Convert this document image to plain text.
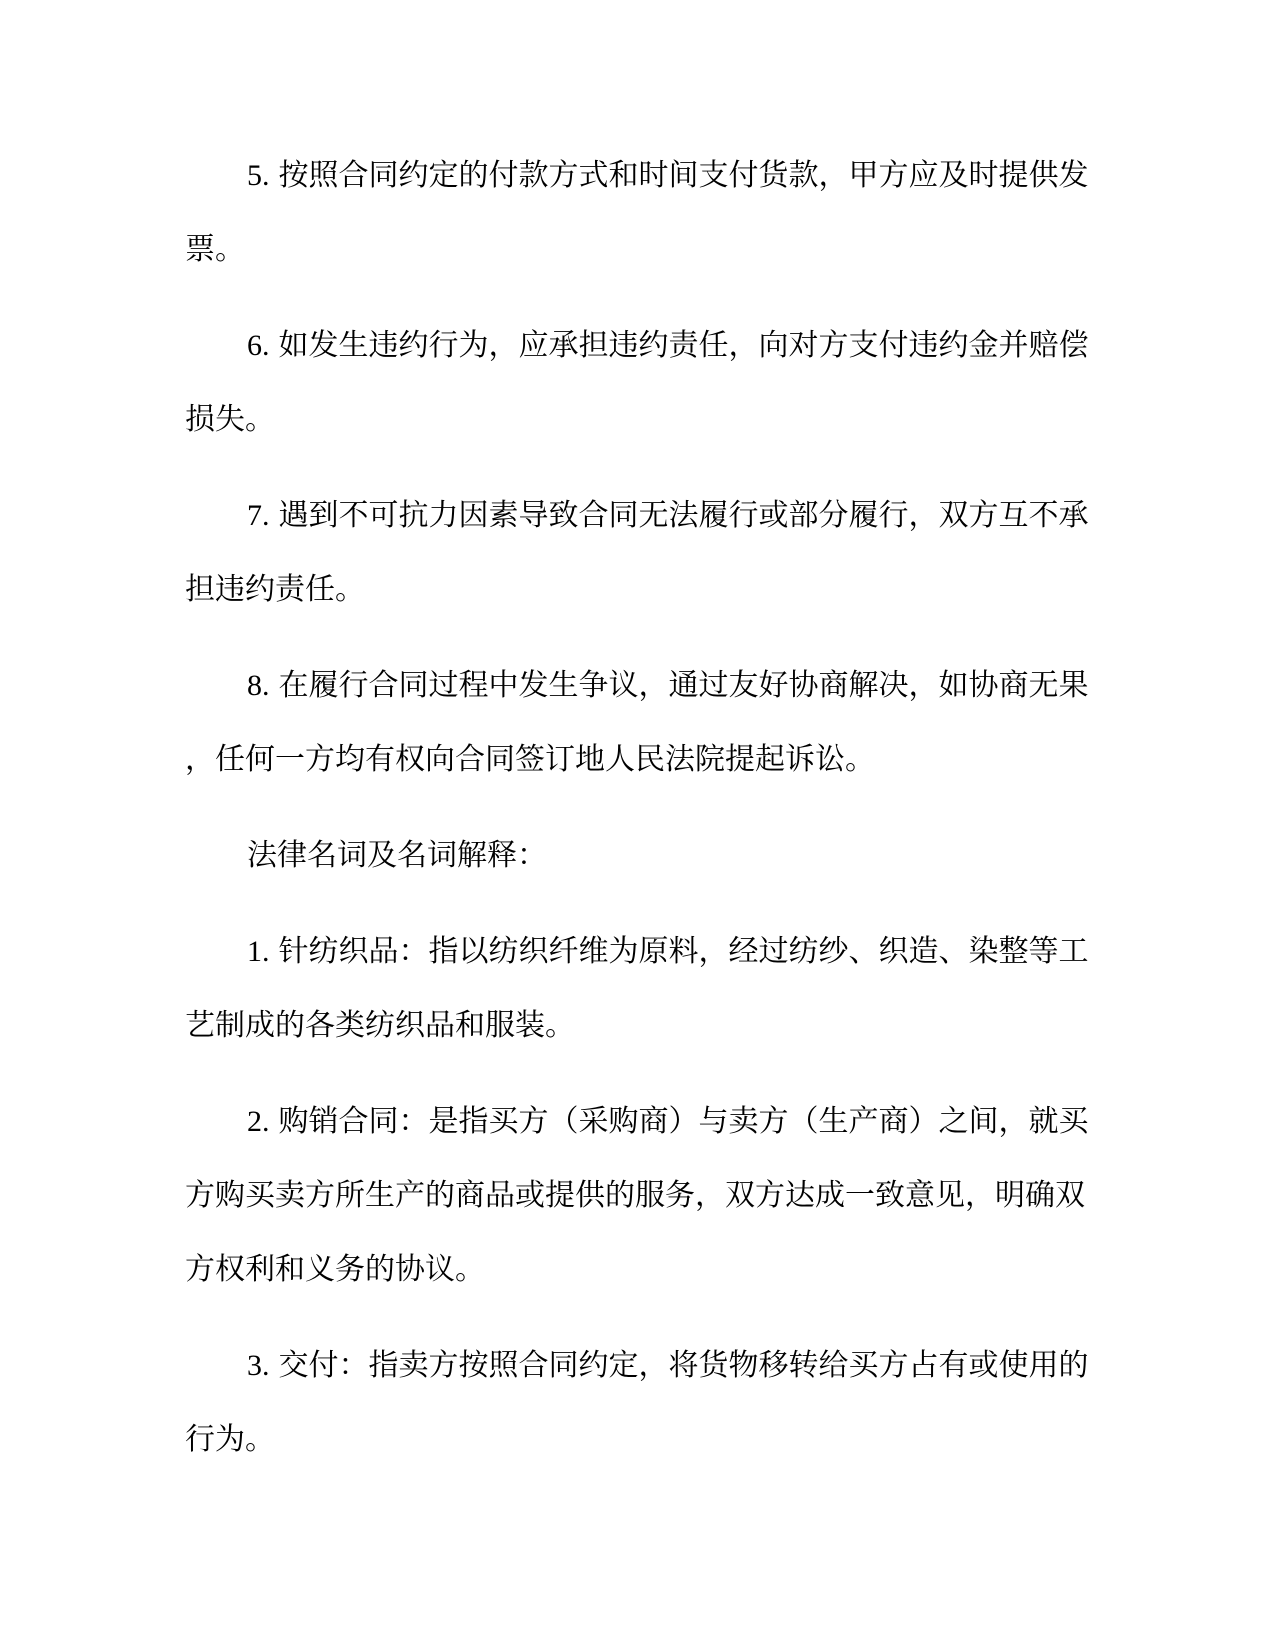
5. 按照合同约定的付款方式和时间支付货款，甲方应及时提供发
票。

6. 如发生违约行为，应承担违约责任，向对方支付违约金并赔偿
损失。

7. 遇到不可抗力因素导致合同无法履行或部分履行，双方互不承
担违约责任。

8. 在履行合同过程中发生争议，通过友好协商解决，如协商无果
，任何一方均有权向合同签订地人民法院提起诉讼。

法律名词及名词解释：

1. 针纺织品：指以纺织纤维为原料，经过纺纱、织造、染整等工
艺制成的各类纺织品和服装。

2. 购销合同：是指买方（采购商）与卖方（生产商）之间，就买
方购买卖方所生产的商品或提供的服务，双方达成一致意见，明确双
方权利和义务的协议。

3. 交付：指卖方按照合同约定，将货物移转给买方占有或使用的
行为。
